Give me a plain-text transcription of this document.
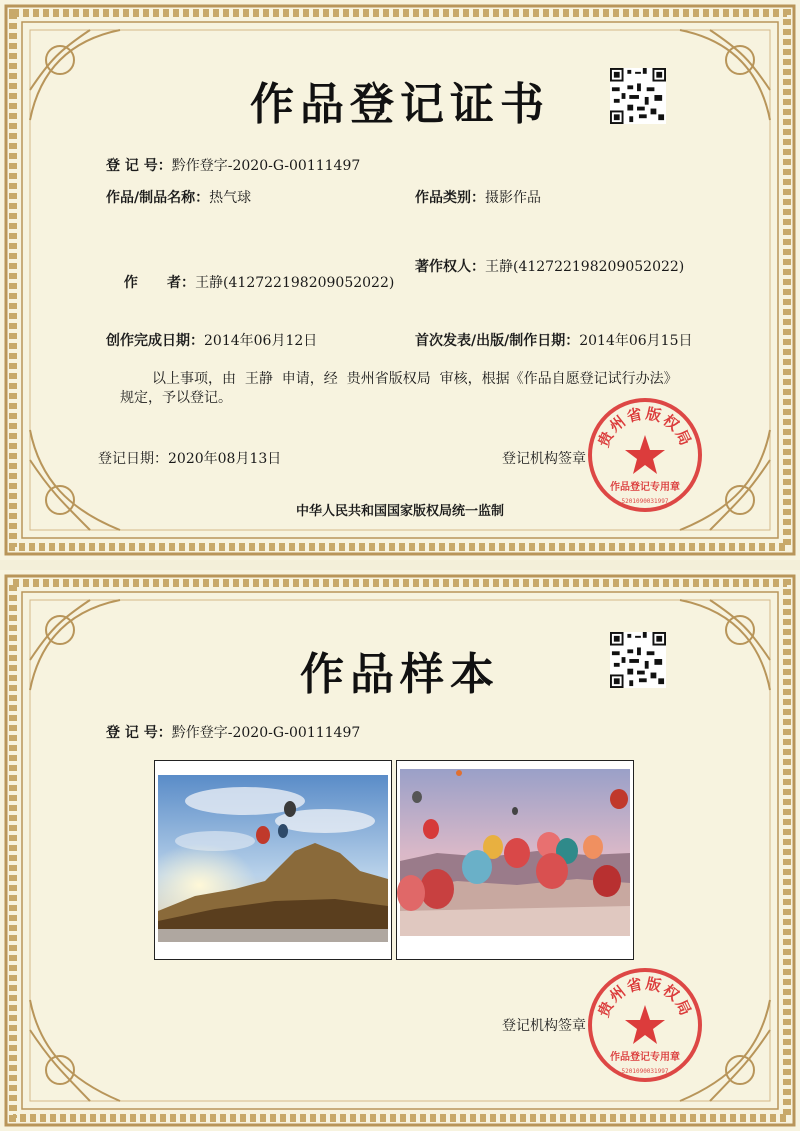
作品登记证书
登 记 号：黔作登字-2020-G-00111497
作品/制品名称：热气球	作品类别：摄影作品

作      者：王静(412722198209052022)

著作权人：王静(412722198209052022)
创作完成日期：2014年06月12日	首次发表/出版/制作日期：2014年06月15日
以上事项，由  王静  申请，经  贵州省版权局  审核，根据《作品自愿登记试行办法》
规定，予以登记。
登记日期：2020年08月13日	登记机构签章
贵州省版权局
作品登记专用章
5201090031997
中华人民共和国国家版权局统一监制
作品样本
登 记 号：黔作登字-2020-G-00111497
登记机构签章
贵州省版权局
作品登记专用章
5201090031997
